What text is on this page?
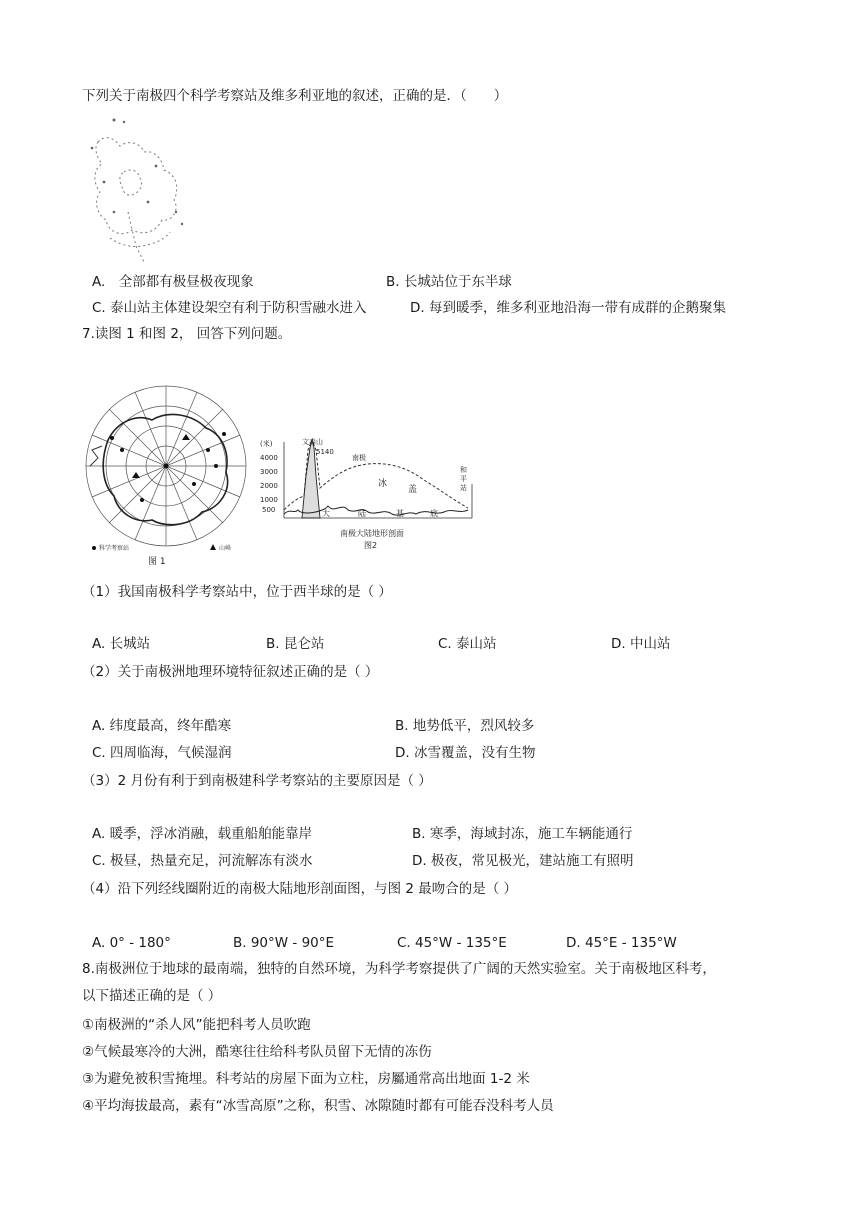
下列关于南极四个科学考察站及维多利亚地的叙述，正确的是．（　　）
A.　全部都有极昼极夜现象	B. 长城站位于东半球
C. 泰山站主体建设架空有利于防积雪融水进入	D. 每到暖季，维多利亚地沿海一带有成群的企鹅聚集
7.读图 1 和图 2， 回答下列问题。
科学考察站	山峰
图 1
(米)
4000
3000
2000
1000
500
文森山
5140
南极
冰
盖
大	陆	基	底
和
平
站
南极大陆地形剖面
图2
（1）我国南极科学考察站中，位于西半球的是（ ）
A. 长城站	B. 昆仑站	C. 泰山站	D. 中山站
（2）关于南极洲地理环境特征叙述正确的是（ ）
A. 纬度最高，终年酷寒	B. 地势低平，烈风较多
C. 四周临海，气候湿润	D. 冰雪覆盖，没有生物
（3）2 月份有利于到南极建科学考察站的主要原因是（ ）
A. 暖季，浮冰消融，载重船舶能靠岸	B. 寒季，海域封冻，施工车辆能通行
C. 极昼，热量充足，河流解冻有淡水	D. 极夜，常见极光，建站施工有照明
（4）沿下列经线圈附近的南极大陆地形剖面图，与图 2 最吻合的是（ ）
A. 0° - 180°	B. 90°W - 90°E	C. 45°W - 135°E	D. 45°E - 135°W
8.南极洲位于地球的最南端，独特的自然环境，为科学考察提供了广阔的天然实验室。关于南极地区科考，
以下描述正确的是（ ）
①南极洲的“杀人风”能把科考人员吹跑
②气候最寒冷的大洲，酷寒往往给科考队员留下无情的冻伤
③为避免被积雪掩埋。科考站的房屋下面为立柱，房屬通常高出地面 1-2 米
④平均海拔最高，素有“冰雪高原”之称，积雪、冰隙随时都有可能吞没科考人员
